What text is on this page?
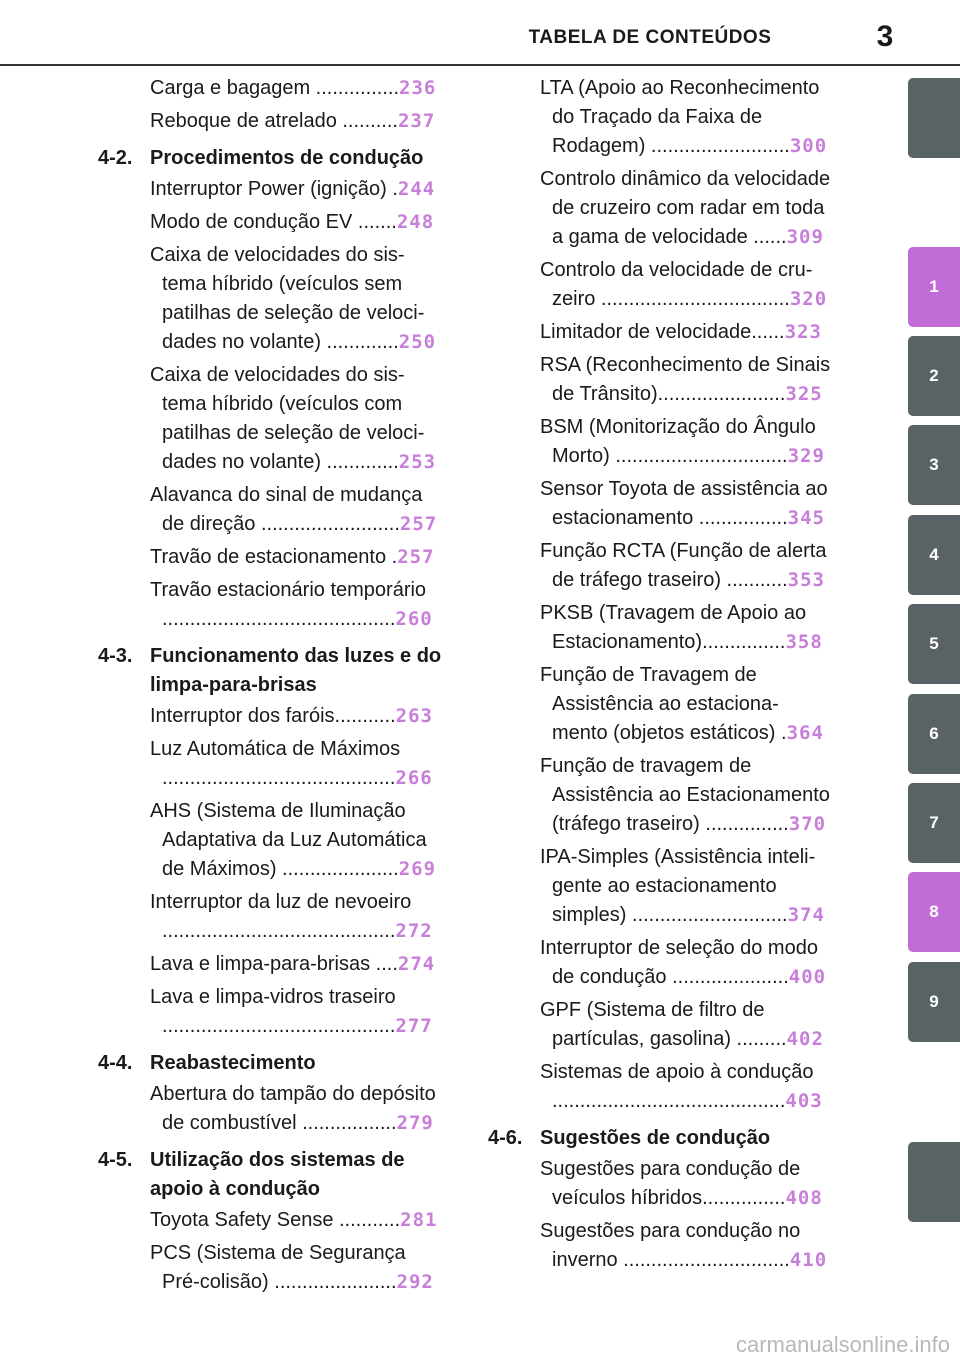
TABELA DE CONTEÚDOS	3
Carga e bagagem ...............236
Reboque de atrelado ..........237
4-2. Procedimentos de condução
Interruptor Power (ignição) .244
Modo de condução EV .......248
Caixa de velocidades do sis-
tema híbrido (veículos sem
patilhas de seleção de veloci-
dades no volante) .............250
Caixa de velocidades do sis-
tema híbrido (veículos com
patilhas de seleção de veloci-
dades no volante) .............253
Alavanca do sinal de mudança
de direção .........................257
Travão de estacionamento .257
Travão estacionário temporário
..........................................260
4-3. Funcionamento das luzes e do limpa-para-brisas
Interruptor dos faróis...........263
Luz Automática de Máximos
..........................................266
AHS (Sistema de Iluminação
Adaptativa da Luz Automática
de Máximos) .....................269
Interruptor da luz de nevoeiro
..........................................272
Lava e limpa-para-brisas ....274
Lava e limpa-vidros traseiro
..........................................277
4-4. Reabastecimento
Abertura do tampão do depósito
de combustível .................279
4-5. Utilização dos sistemas de apoio à condução
Toyota Safety Sense ...........281
PCS (Sistema de Segurança
Pré-colisão) ......................292
LTA (Apoio ao Reconhecimento
do Traçado da Faixa de
Rodagem) .........................300
Controlo dinâmico da velocidade
de cruzeiro com radar em toda
a gama de velocidade ......309
Controlo da velocidade de cru-
zeiro ..................................320
Limitador de velocidade......323
RSA (Reconhecimento de Sinais
de Trânsito).......................325
BSM (Monitorização do Ângulo
Morto) ...............................329
Sensor Toyota de assistência ao
estacionamento ................345
Função RCTA (Função de alerta
de tráfego traseiro) ...........353
PKSB (Travagem de Apoio ao
Estacionamento)...............358
Função de Travagem de
Assistência ao estaciona-
mento (objetos estáticos) .364
Função de travagem de
Assistência ao Estacionamento
(tráfego traseiro) ...............370
IPA-Simples (Assistência inteli-
gente ao estacionamento
simples) ............................374
Interruptor de seleção do modo
de condução .....................400
GPF (Sistema de filtro de
partículas, gasolina) .........402
Sistemas de apoio à condução
..........................................403
4-6. Sugestões de condução
Sugestões para condução de
veículos híbridos...............408
Sugestões para condução no
inverno ..............................410
1
2
3
4
5
6
7
8
9
carmanualsonline.info
